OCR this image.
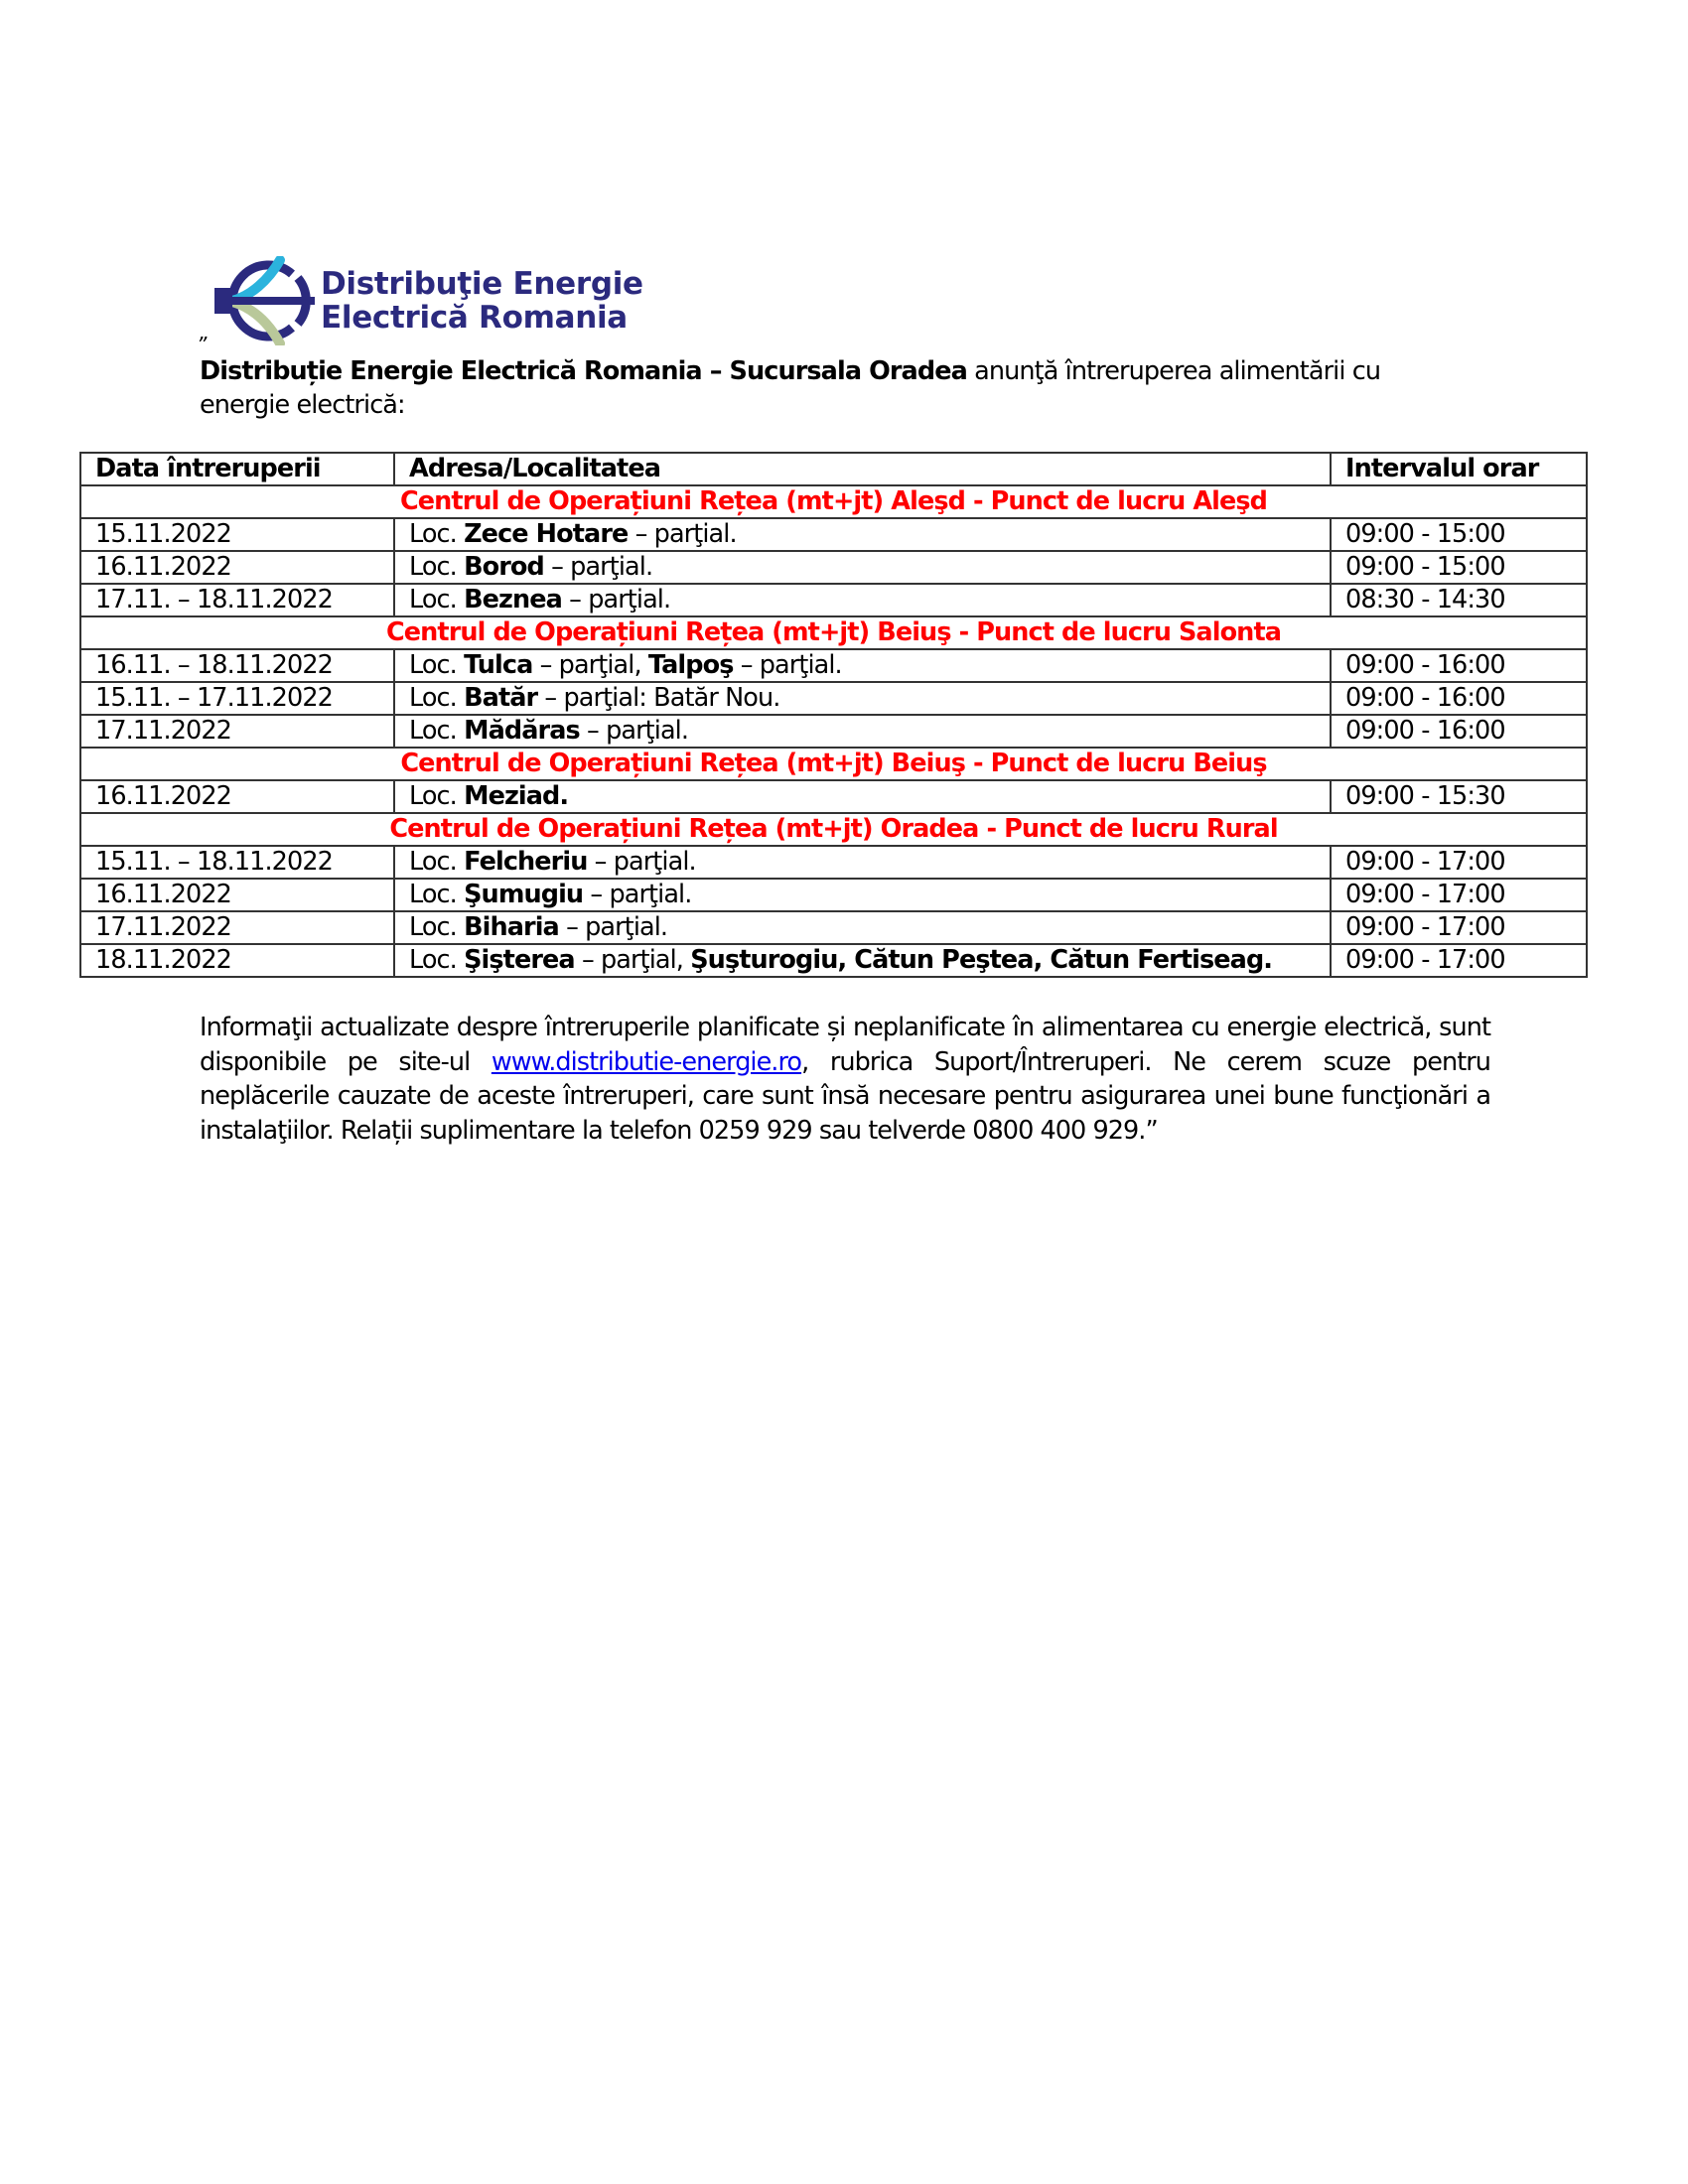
Distribuţie Energie
Electrică Romania
”
Distribuție Energie Electrică Romania – Sucursala Oradea anunţă întreruperea alimentării cu energie electrică:
Data întreruperii	Adresa/Localitatea	Intervalul orar
Centrul de Operațiuni Rețea (mt+jt) Aleşd - Punct de lucru Aleşd		
15.11.2022	Loc. Zece Hotare – parţial.	09:00 - 15:00
16.11.2022	Loc. Borod – parţial.	09:00 - 15:00
17.11. – 18.11.2022	Loc. Beznea – parţial.	08:30 - 14:30
Centrul de Operațiuni Rețea (mt+jt) Beiuş - Punct de lucru Salonta		
16.11. – 18.11.2022	Loc. Tulca – parţial, Talpoş – parţial.	09:00 - 16:00
15.11. – 17.11.2022	Loc. Batăr – parţial: Batăr Nou.	09:00 - 16:00
17.11.2022	Loc. Mădăras – parţial.	09:00 - 16:00
Centrul de Operațiuni Rețea (mt+jt) Beiuş - Punct de lucru Beiuş		
16.11.2022	Loc. Meziad.	09:00 - 15:30
Centrul de Operațiuni Rețea (mt+jt) Oradea - Punct de lucru Rural		
15.11. – 18.11.2022	Loc. Felcheriu – parţial.	09:00 - 17:00
16.11.2022	Loc. Şumugiu – parţial.	09:00 - 17:00
17.11.2022	Loc. Biharia – parţial.	09:00 - 17:00
18.11.2022	Loc. Şişterea – parţial, Şuşturogiu, Cătun Peştea, Cătun Fertiseag.	09:00 - 17:00
Informaţii actualizate despre întreruperile planificate și neplanificate în alimentarea cu energie electrică, sunt disponibile pe site-ul www.distributie-energie.ro, rubrica Suport/Întreruperi. Ne cerem scuze pentru neplăcerile cauzate de aceste întreruperi, care sunt însă necesare pentru asigurarea unei bune funcţionări a instalaţiilor. Relații suplimentare la telefon 0259 929 sau telverde 0800 400 929.”
